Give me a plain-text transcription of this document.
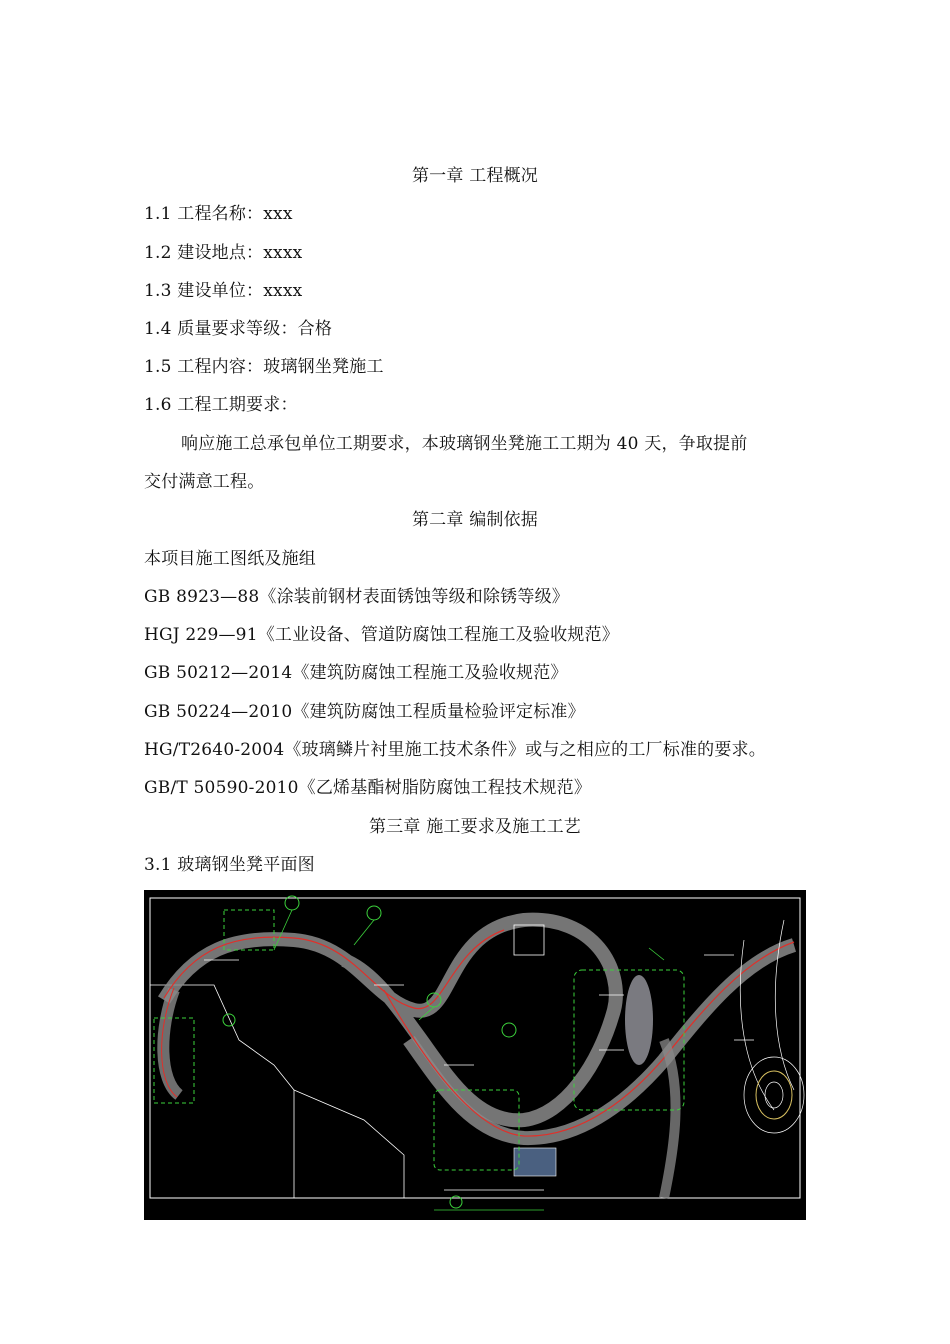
第一章 工程概况
1.1 工程名称：xxx
1.2 建设地点：xxxx
1.3 建设单位：xxxx
1.4 质量要求等级：合格
1.5 工程内容：玻璃钢坐凳施工
1.6 工程工期要求：
响应施工总承包单位工期要求，本玻璃钢坐凳施工工期为 40 天，争取提前
交付满意工程。
第二章 编制依据
本项目施工图纸及施组
GB 8923—88《涂装前钢材表面锈蚀等级和除锈等级》
HGJ 229—91《工业设备、管道防腐蚀工程施工及验收规范》
GB 50212—2014《建筑防腐蚀工程施工及验收规范》
GB 50224—2010《建筑防腐蚀工程质量检验评定标准》
HG/T2640-2004《玻璃鳞片衬里施工技术条件》或与之相应的工厂标准的要求。
GB/T 50590-2010《乙烯基酯树脂防腐蚀工程技术规范》
第三章 施工要求及施工工艺
3.1 玻璃钢坐凳平面图
